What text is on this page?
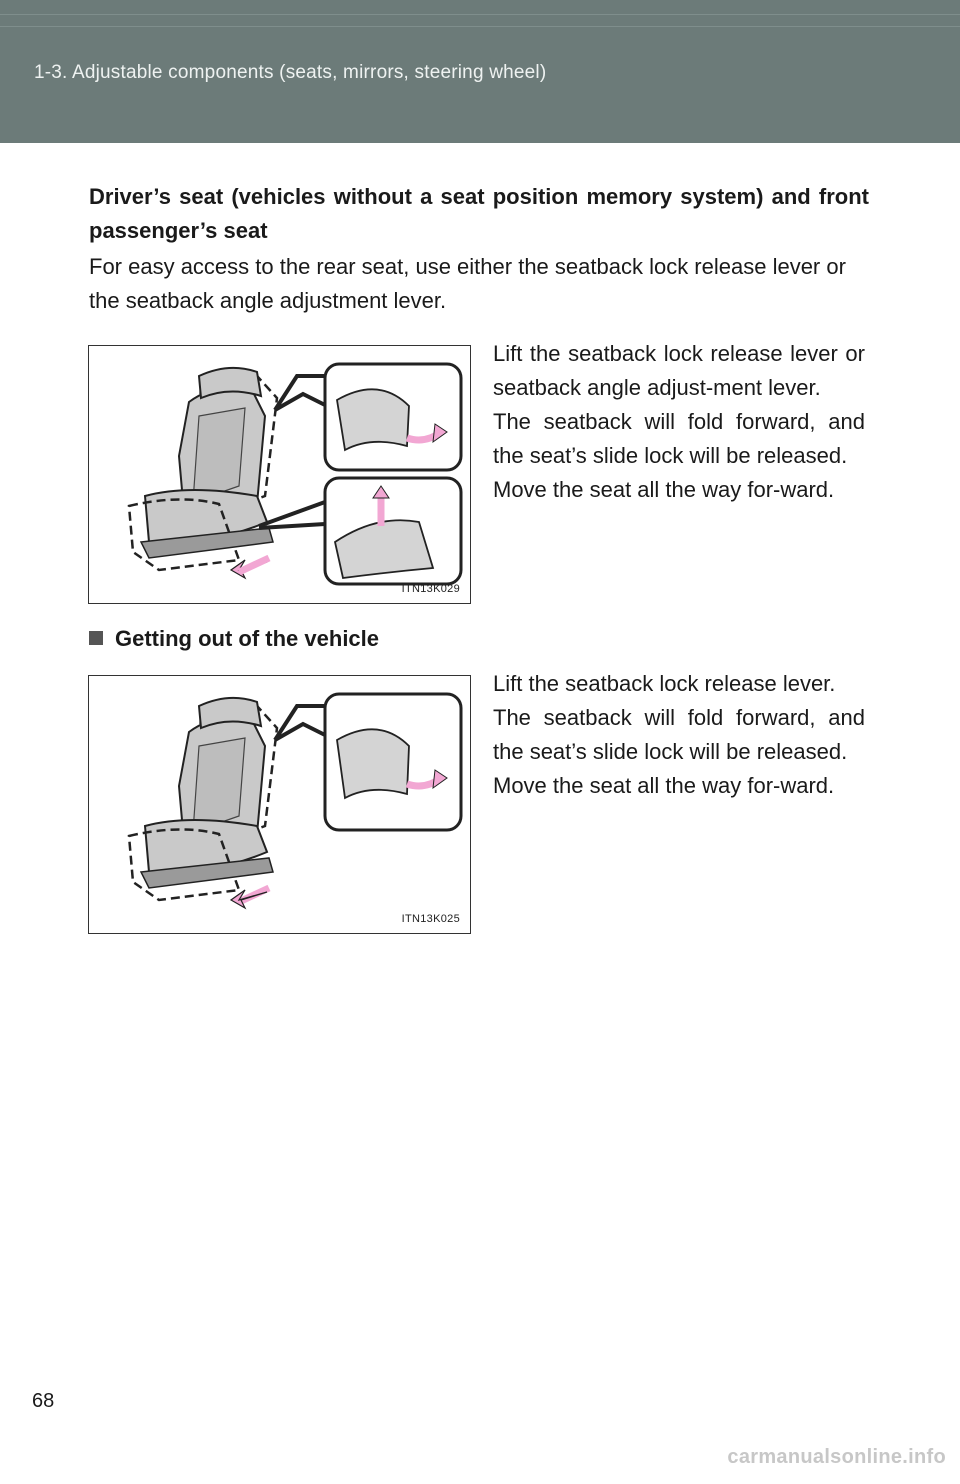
1-3. Adjustable components (seats, mirrors, steering wheel)
Driver’s seat (vehicles without a seat position memory system) and front passenger’s seat
For easy access to the rear seat, use either the seatback lock release lever or the seatback angle adjustment lever.
ITN13K029

Lift the seatback lock release lever or seatback angle adjust-ment lever.

The seatback will fold forward, and the seat’s slide lock will be released.

Move the seat all the way for-ward.

Getting out of the vehicle
ITN13K025

Lift the seatback lock release lever.

The seatback will fold forward, and the seat’s slide lock will be released.

Move the seat all the way for-ward.

68
carmanualsonline.info
